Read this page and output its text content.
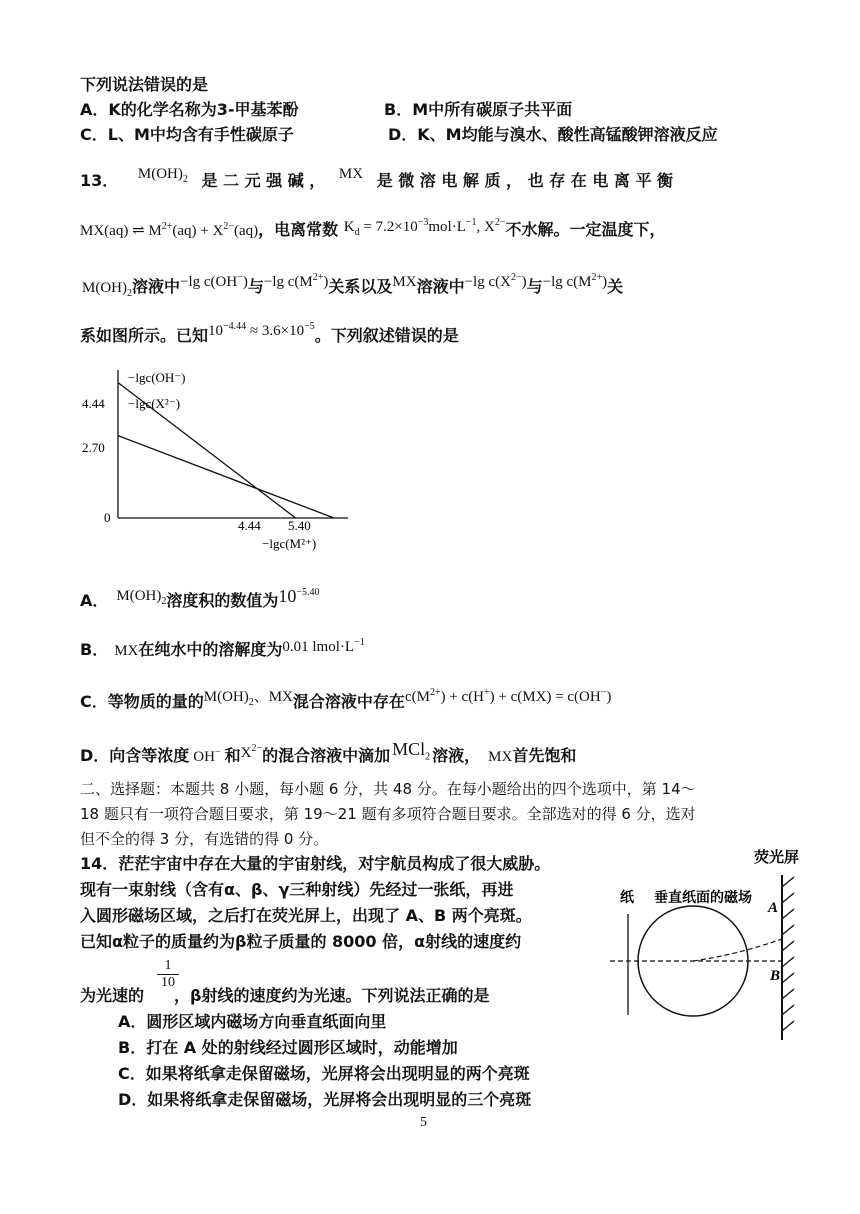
下列说法错误的是
A．K的化学名称为3-甲基苯酚	B．M中所有碳原子共平面
C．L、M中均含有手性碳原子	D．K、M均能与溴水、酸性高锰酸钾溶液反应
13． $M(OH)_2$ 是 二 元 强 碱 ， MX 是 微 溶 电 解 质 ， 也 存 在 电 离 平 衡
MX(aq) ⇌ $M^{2+}(aq) + X^{2-}(aq)$，电离常数 $K_d = 7.2\times 10^{-3}mol\cdot L^{-1}$, $X^{2-}$不水解。一定温度下，
$M(OH)_2$溶液中−lg c(OH−)与−lg $c(M^{2+})$关系以及MX溶液中−lg $c(X^{2-})$与−lg $c(M^{2+})$关
系如图所示。已知$10^{-4.44} \approx 3.6\times 10^{-5}$。下列叙述错误的是
−lgc(OH⁻)
−lgc(X²⁻)
4.44
2.70
0
4.44 5.40
−lgc(M²⁺)
A． $M(OH)_2$溶度积的数值为$10^{-5.40}$
B． MX在纯水中的溶解度为0.01 $lmol\cdot L^{-1}$
C．等物质的量的$M(OH)_2$、MX混合溶液中存在$c(M^{2+}) + c(H^+) + c(MX) = c(OH^-)$
D．向含等浓度 OH− 和$X^{2-}$的混合溶液中滴加 MCl$_2$ 溶液， MX首先饱和
二、选择题：本题共 8 小题，每小题 6 分，共 48 分。在每小题给出的四个选项中，第 14～
18 题只有一项符合题目要求，第 19～21 题有多项符合题目要求。全部选对的得 6 分，选对
但不全的得 3 分，有选错的得 0 分。
14．茫茫宇宙中存在大量的宇宙射线，对宇航员构成了很大威胁。
现有一束射线（含有α、β、γ三种射线）先经过一张纸，再进
入圆形磁场区域，之后打在荧光屏上，出现了 A、B 两个亮斑。
已知α粒子的质量约为β粒子质量的 8000 倍，α射线的速度约
1
10
为光速的 ，β射线的速度约为光速。下列说法正确的是
A．圆形区域内磁场方向垂直纸面向里
B．打在 A 处的射线经过圆形区域时，动能增加
C．如果将纸拿走保留磁场，光屏将会出现明显的两个亮斑
D．如果将纸拿走保留磁场，光屏将会出现明显的三个亮斑
荧光屏
纸 垂直纸面的磁场
A
B
5
